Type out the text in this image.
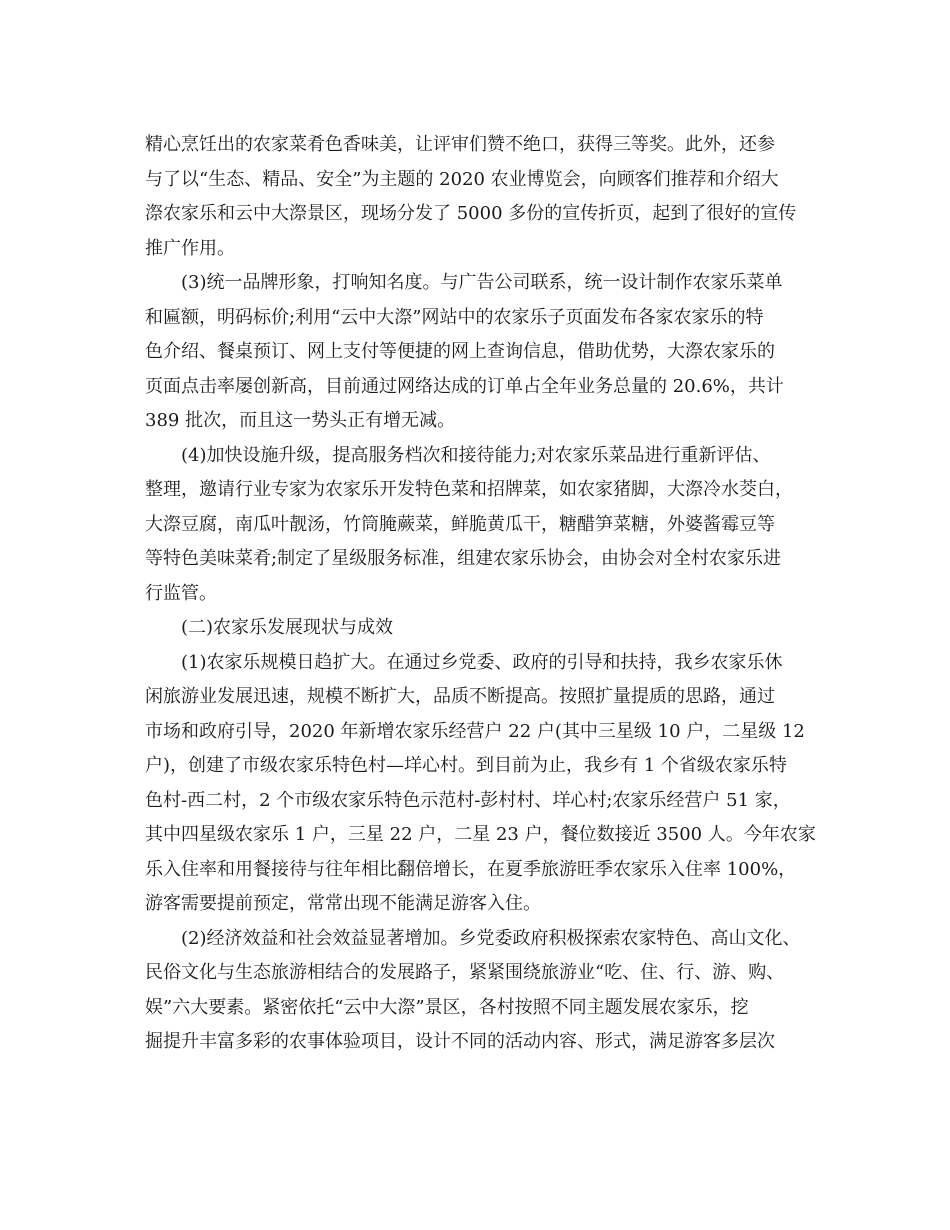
精心烹饪出的农家菜肴色香味美，让评审们赞不绝口，获得三等奖。此外，还参
与了以“生态、精品、安全”为主题的 2020 农业博览会，向顾客们推荐和介绍大
漈农家乐和云中大漈景区，现场分发了 5000 多份的宣传折页，起到了很好的宣传
推广作用。
(3)统一品牌形象，打响知名度。与广告公司联系，统一设计制作农家乐菜单
和匾额，明码标价;利用“云中大漈”网站中的农家乐子页面发布各家农家乐的特
色介绍、餐桌预订、网上支付等便捷的网上查询信息，借助优势，大漈农家乐的
页面点击率屡创新高，目前通过网络达成的订单占全年业务总量的 20.6%，共计
389 批次，而且这一势头正有增无减。
(4)加快设施升级，提高服务档次和接待能力;对农家乐菜品进行重新评估、
整理，邀请行业专家为农家乐开发特色菜和招牌菜，如农家猪脚，大漈冷水茭白，
大漈豆腐，南瓜叶靓汤，竹筒腌蕨菜，鲜脆黄瓜干，糖醋笋菜糖，外婆酱霉豆等
等特色美味菜肴;制定了星级服务标准，组建农家乐协会，由协会对全村农家乐进
行监管。
(二)农家乐发展现状与成效
(1)农家乐规模日趋扩大。在通过乡党委、政府的引导和扶持，我乡农家乐休
闲旅游业发展迅速，规模不断扩大，品质不断提高。按照扩量提质的思路，通过
市场和政府引导，2020 年新增农家乐经营户 22 户(其中三星级 10 户，二星级 12
户)，创建了市级农家乐特色村—垟心村。到目前为止，我乡有 1 个省级农家乐特
色村-西二村，2 个市级农家乐特色示范村-彭村村、垟心村;农家乐经营户 51 家，
其中四星级农家乐 1 户，三星 22 户，二星 23 户，餐位数接近 3500 人。今年农家
乐入住率和用餐接待与往年相比翻倍增长，在夏季旅游旺季农家乐入住率 100%，
游客需要提前预定，常常出现不能满足游客入住。
(2)经济效益和社会效益显著增加。乡党委政府积极探索农家特色、高山文化、
民俗文化与生态旅游相结合的发展路子，紧紧围绕旅游业“吃、住、行、游、购、
娱”六大要素。紧密依托“云中大漈”景区，各村按照不同主题发展农家乐，挖
掘提升丰富多彩的农事体验项目，设计不同的活动内容、形式，满足游客多层次
